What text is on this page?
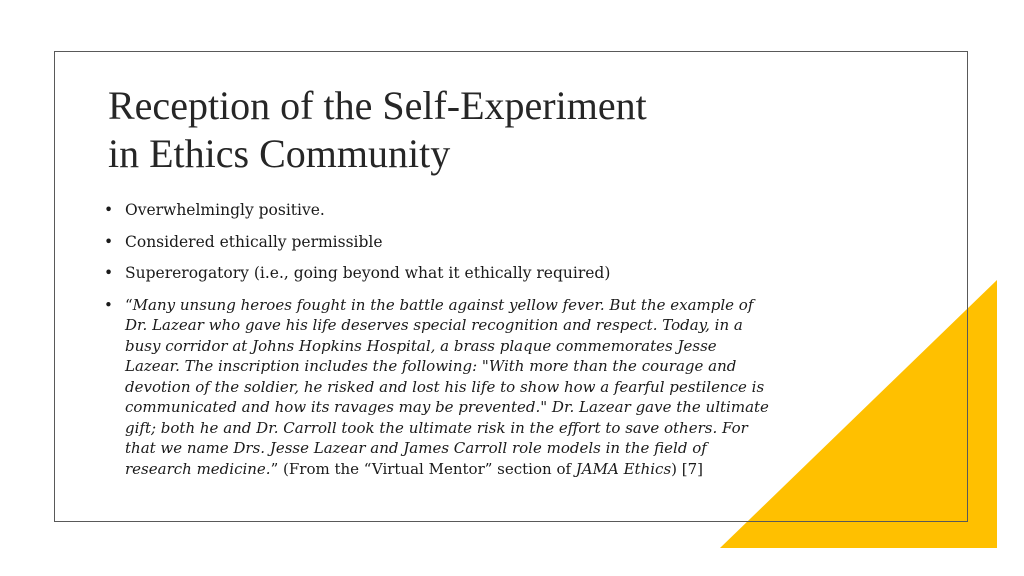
Reception of the Self-Experiment
in Ethics Community
• Overwhelmingly positive.
• Considered ethically permissible
• Supererogatory (i.e., going beyond what it ethically required)
• “Many unsung heroes fought in the battle against yellow fever. But the example of Dr. Lazear who gave his life deserves special recognition and respect. Today, in a busy corridor at Johns Hopkins Hospital, a brass plaque commemorates Jesse Lazear. The inscription includes the following: "With more than the courage and devotion of the soldier, he risked and lost his life to show how a fearful pestilence is communicated and how its ravages may be prevented." Dr. Lazear gave the ultimate gift; both he and Dr. Carroll took the ultimate risk in the effort to save others. For that we name Drs. Jesse Lazear and James Carroll role models in the field of research medicine.” (From the “Virtual Mentor” section of JAMA Ethics) [7]
